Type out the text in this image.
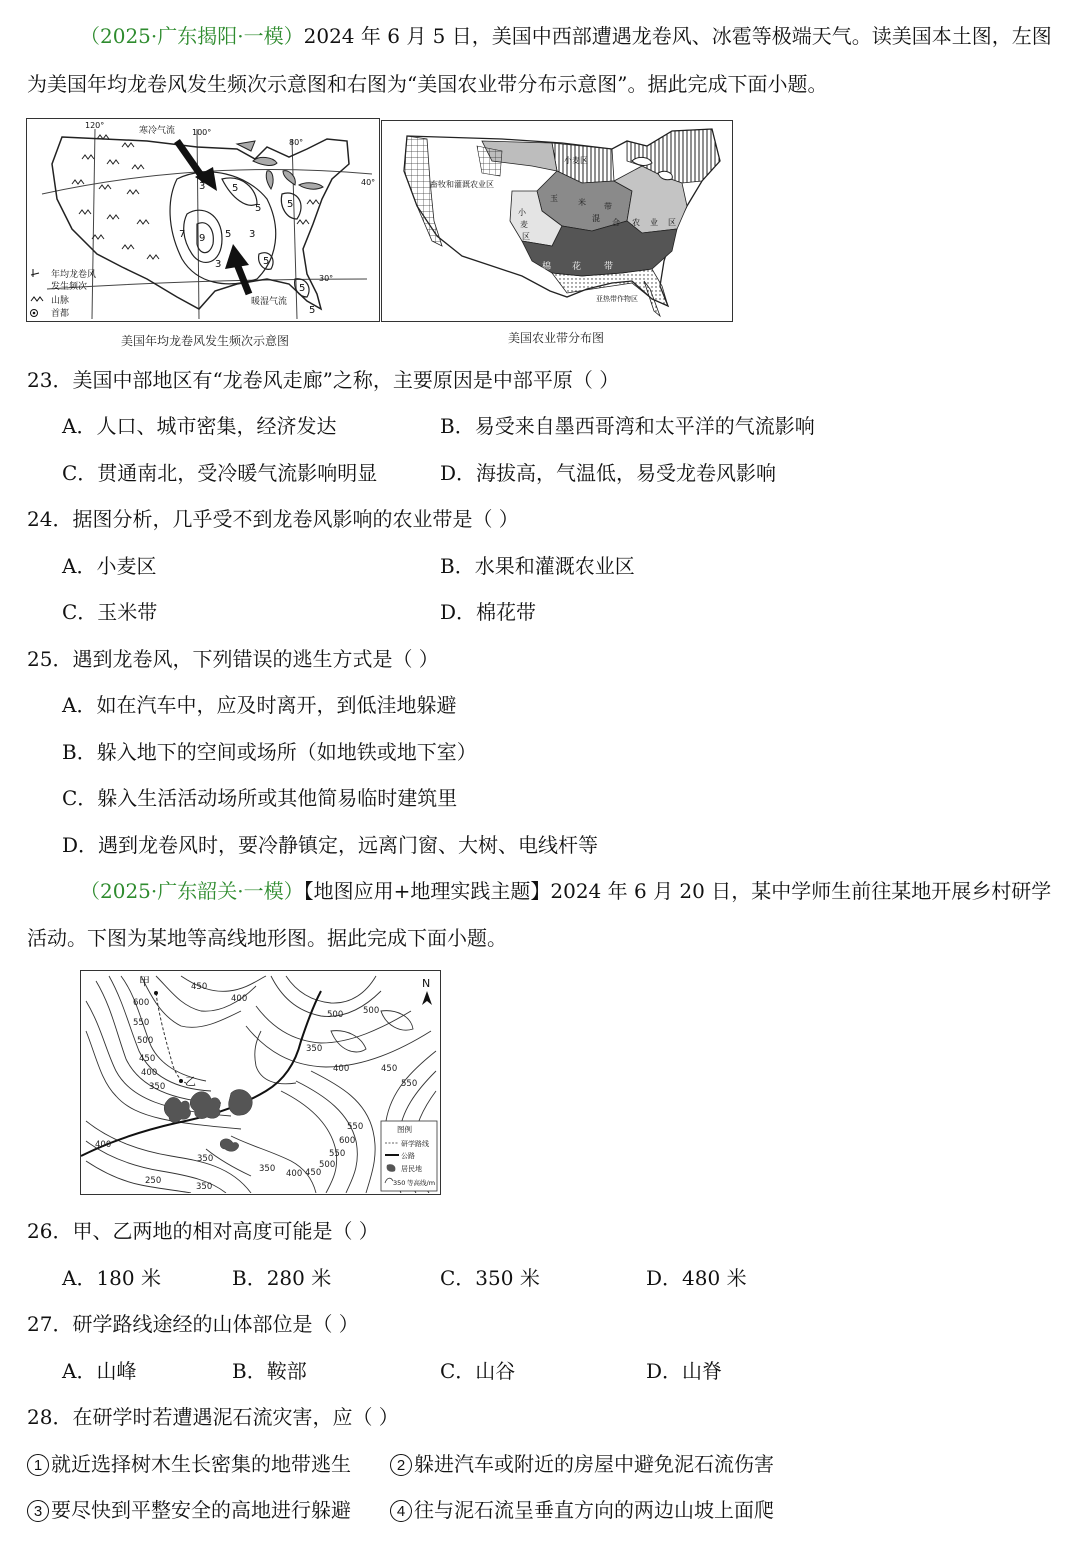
（2025·广东揭阳·一模）2024 年 6 月 5 日，美国中西部遭遇龙卷风、冰雹等极端天气。读美国本土图，左图
为美国年均龙卷风发生频次示意图和右图为“美国农业带分布示意图”。据此完成下面小题。
3	5
5
7 9 5 3
5
5
3
5
5
120°
100°
80°
40°
30°
寒冷气流
暖湿气流
年均龙卷风
发生频次
山脉
首都
美国年均龙卷风发生频次示意图
小麦区
畜牧和灌溉农业区
玉	米 带
小
麦
区
混 合 农 业 区
棉 花	带
亚热带作物区
美国农业带分布图
23．美国中部地区有“龙卷风走廊”之称，主要原因是中部平原（ ）
A．人口、城市密集，经济发达	B．易受来自墨西哥湾和太平洋的气流影响
C．贯通南北，受冷暖气流影响明显	D．海拔高，气温低，易受龙卷风影响
24．据图分析，几乎受不到龙卷风影响的农业带是（ ）
A．小麦区	B．水果和灌溉农业区
C．玉米带	D．棉花带
25．遇到龙卷风，下列错误的逃生方式是（ ）
A．如在汽车中，应及时离开，到低洼地躲避
B．躲入地下的空间或场所（如地铁或地下室）
C．躲入生活活动场所或其他简易临时建筑里
D．遇到龙卷风时，要冷静镇定，远离门窗、大树、电线杆等
（2025·广东韶关·一模）【地图应用+地理实践主题】2024 年 6 月 20 日，某中学师生前往某地开展乡村研学
活动。下图为某地等高线地形图。据此完成下面小题。
甲
乙
N
600
550
500
450
400
350
400
450
500
550
350
400	450
500
550
600
550
500
450
400
350
350
400
350
250
图例
研学路线
公路
居民地
350 等高线/m
26．甲、乙两地的相对高度可能是（ ）
A．180 米	B．280 米	C．350 米	D．480 米
27．研学路线途经的山体部位是（ ）
A．山峰	B．鞍部	C．山谷	D．山脊
28．在研学时若遭遇泥石流灾害，应（ ）
1 就近选择树木生长密集的地带逃生	2 躲进汽车或附近的房屋中避免泥石流伤害
3 要尽快到平整安全的高地进行躲避	4 往与泥石流呈垂直方向的两边山坡上面爬
